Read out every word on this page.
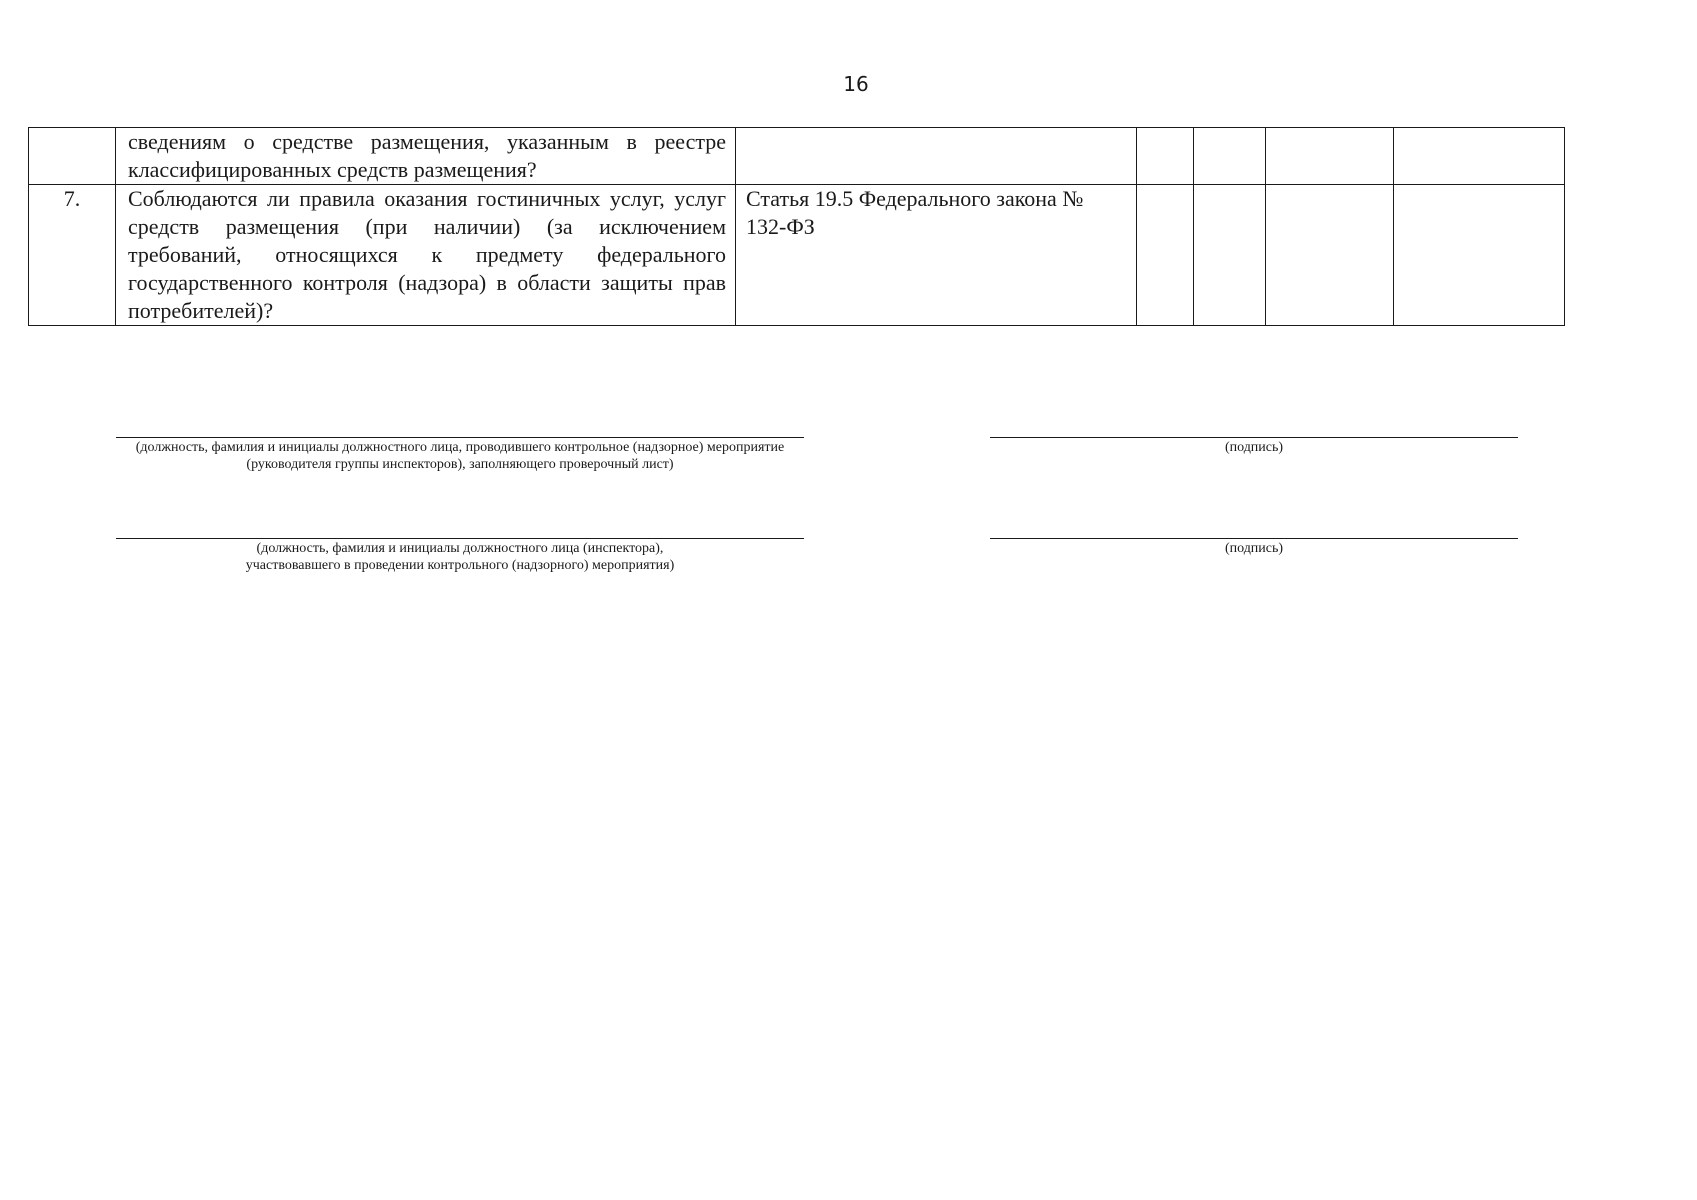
16

	сведениям о средстве размещения, указанным в реестре классифицированных средств размещения?					

7.	Соблюдаются ли правила оказания гостиничных услуг, услуг средств размещения (при наличии) (за исключением требований, относящихся к предмету федерального государственного контроля (надзора) в области защиты прав потребителей)?	Статья 19.5 Федерального закона № 132-ФЗ				
(должность, фамилия и инициалы должностного лица, проводившего контрольное (надзорное) мероприятие (руководителя группы инспекторов), заполняющего проверочный лист)
(подпись)
(должность, фамилия и инициалы должностного лица (инспектора), участвовавшего в проведении контрольного (надзорного) мероприятия)
(подпись)
